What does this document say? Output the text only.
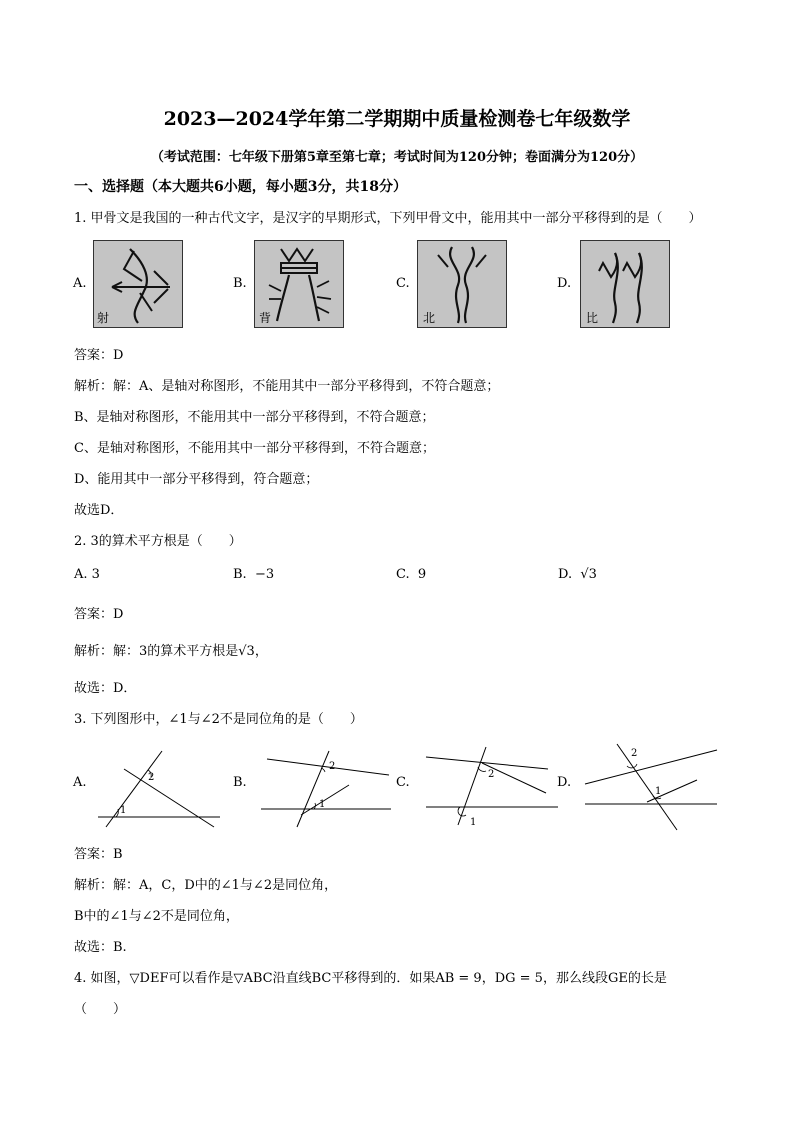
2023—2024学年第二学期期中质量检测卷七年级数学
（考试范围：七年级下册第5章至第七章；考试时间为120分钟；卷面满分为120分）
一、选择题（本大题共6小题，每小题3分，共18分）
1. 甲骨文是我国的一种古代文字，是汉字的早期形式，下列甲骨文中，能用其中一部分平移得到的是（　　）
A.
射
B.
背
C.
北
D.
比
答案：D
解析：解：A、是轴对称图形，不能用其中一部分平移得到，不符合题意；
B、是轴对称图形，不能用其中一部分平移得到，不符合题意；
C、是轴对称图形，不能用其中一部分平移得到，不符合题意；
D、能用其中一部分平移得到，符合题意；
故选D．
2. 3的算术平方根是（　　）
A. 3	B. −3	C. 9	D. √3
答案：D
解析：解：3的算术平方根是√3，
故选：D．
3. 下列图形中，∠1与∠2不是同位角的是（　　）
A.
1
2	B.
1
2
C.
1
2
D.
1
2
答案：B
解析：解：A，C，D中的∠1与∠2是同位角，
B中的∠1与∠2不是同位角，
故选：B.
4. 如图，▽DEF可以看作是▽ABC沿直线BC平移得到的．如果AB = 9，DG = 5，那么线段GE的长是
（　　）
